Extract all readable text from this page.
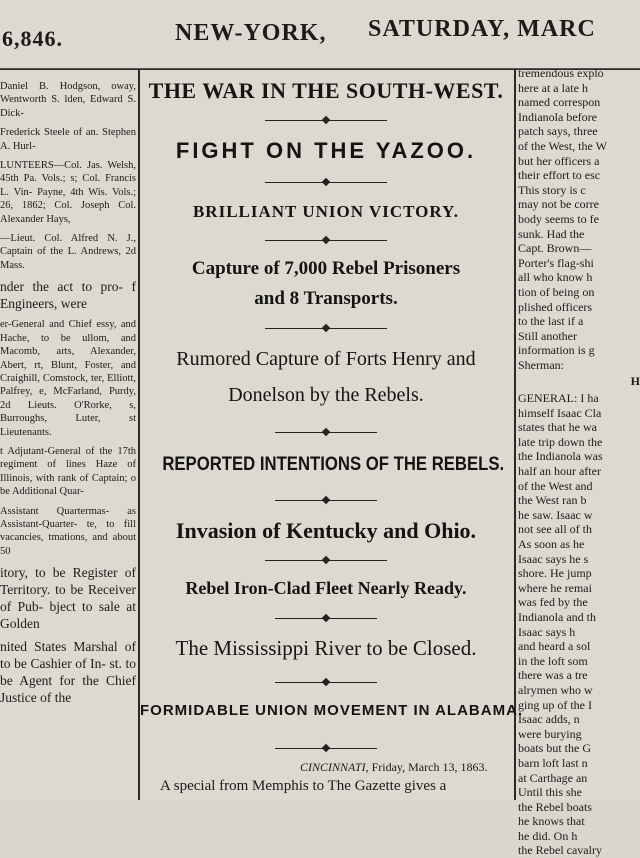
6,846.	NEW-YORK, SATURDAY, MARC

Daniel B. Hodgson, oway, Wentworth S. lden, Edward S. Dick-

Frederick Steele of an. Stephen A. Hurl-

LUNTEERS—Col. Jas. Welsh, 45th Pa. Vols.; s; Col. Francis L. Vin- Payne, 4th Wis. Vols.; 26, 1862; Col. Joseph Col. Alexander Hays,

—Lieut. Col. Alfred N. J., Captain of the L. Andrews, 2d Mass.

nder the act to pro- f Engineers, were

er-General and Chief essy, and Hache, to be ullom, and Macomb, arts, Alexander, Abert, rt, Blunt, Foster, and Craighill, Comstock, ter, Elliott, Palfrey, e, McFarland, Purdy, 2d Lieuts. O'Rorke, s, Burroughs, Luter, st Lieutenants.

t Adjutant-General of the 17th regiment of lines Haze of Illinois, with rank of Captain; o be Additional Quar-

Assistant Quartermas- as Assistant-Quarter- te, to fill vacancies, tmations, and about 50

itory, to be Register of Territory. to be Receiver of Pub- bject to sale at Golden

nited States Marshal of to be Cashier of In- st. to be Agent for the Chief Justice of the

THE WAR IN THE SOUTH-WEST.
FIGHT ON THE YAZOO.
BRILLIANT UNION VICTORY.
Capture of 7,000 Rebel Prisoners
and 8 Transports.
Rumored Capture of Forts Henry and
Donelson by the Rebels.
REPORTED INTENTIONS OF THE REBELS.
Invasion of Kentucky and Ohio.
Rebel Iron-Clad Fleet Nearly Ready.
The Mississippi River to be Closed.
FORMIDABLE UNION MOVEMENT IN ALABAMA.
CINCINNATI, Friday, March 13, 1863.
A special from Memphis to The Gazette gives a
tremendous explo
here at a late h
named correspon
Indianola before
patch says, three
of the West, the W
but her officers a
their effort to esc
This story is c
may not be corre
body seems to fe
sunk. Had the
Capt. Brown—
Porter's flag-shi
all who know h
tion of being on
plished officers
to the last if a
Still another
information is g
Sherman:
H
GENERAL: I ha
himself Isaac Cla
states that he wa
late trip down the
the Indianola was
half an hour after
of the West and
the West ran b
he saw. Isaac w
not see all of th
As soon as he
Isaac says he s
shore. He jump
where he remai
was fed by the
Indianola and th
Isaac says h
and heard a sol
in the loft som
there was a tre
alrymen who w
ging up of the I
Isaac adds, n
were burying
boats but the G
barn loft last n
at Carthage an
Until this she
the Rebel boats
he knows that
he did. On h
the Rebel cavalry
